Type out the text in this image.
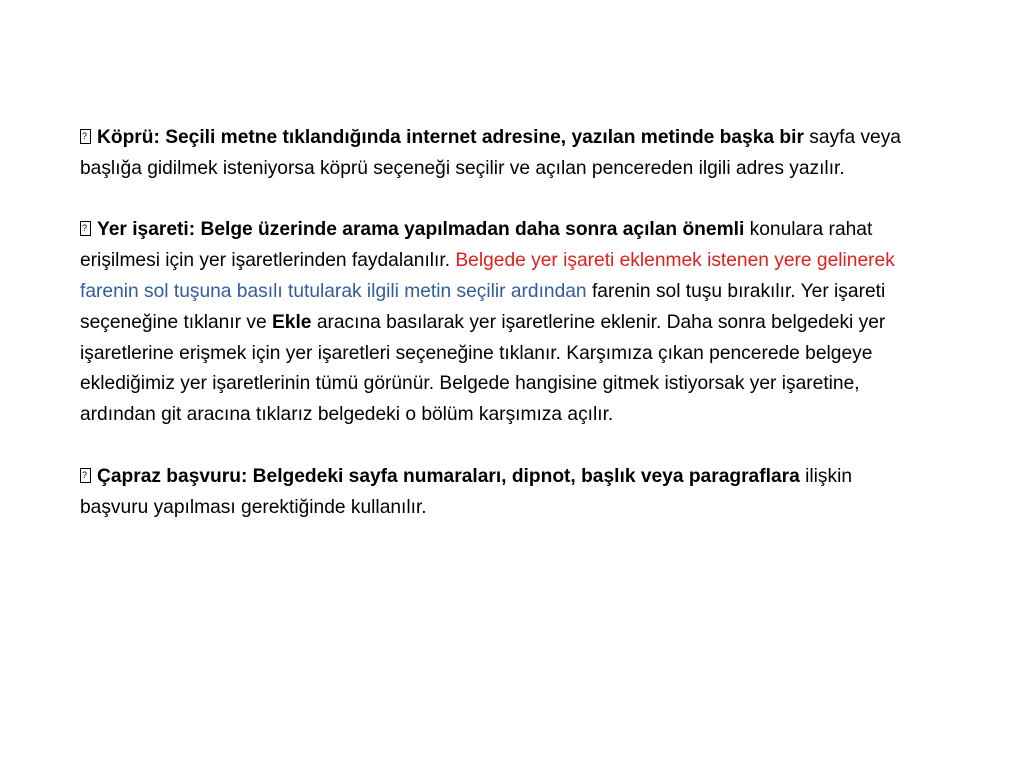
?Köprü: Seçili metne tıklandığında internet adresine, yazılan metinde başka bir sayfa veya başlığa gidilmek isteniyorsa köprü seçeneği seçilir ve açılan pencereden ilgili adres yazılır.

?Yer işareti: Belge üzerinde arama yapılmadan daha sonra açılan önemli konulara rahat erişilmesi için yer işaretlerinden faydalanılır. Belgede yer işareti eklenmek istenen yere gelinerek farenin sol tuşuna basılı tutularak ilgili metin seçilir ardından farenin sol tuşu bırakılır. Yer işareti seçeneğine tıklanır ve Ekle aracına basılarak yer işaretlerine eklenir. Daha sonra belgedeki yer işaretlerine erişmek için yer işaretleri seçeneğine tıklanır. Karşımıza çıkan pencerede belgeye eklediğimiz yer işaretlerinin tümü görünür. Belgede hangisine gitmek istiyorsak yer işaretine, ardından git aracına tıklarız belgedeki o bölüm karşımıza açılır.

?Çapraz başvuru: Belgedeki sayfa numaraları, dipnot, başlık veya paragraflara ilişkin başvuru yapılması gerektiğinde kullanılır.
